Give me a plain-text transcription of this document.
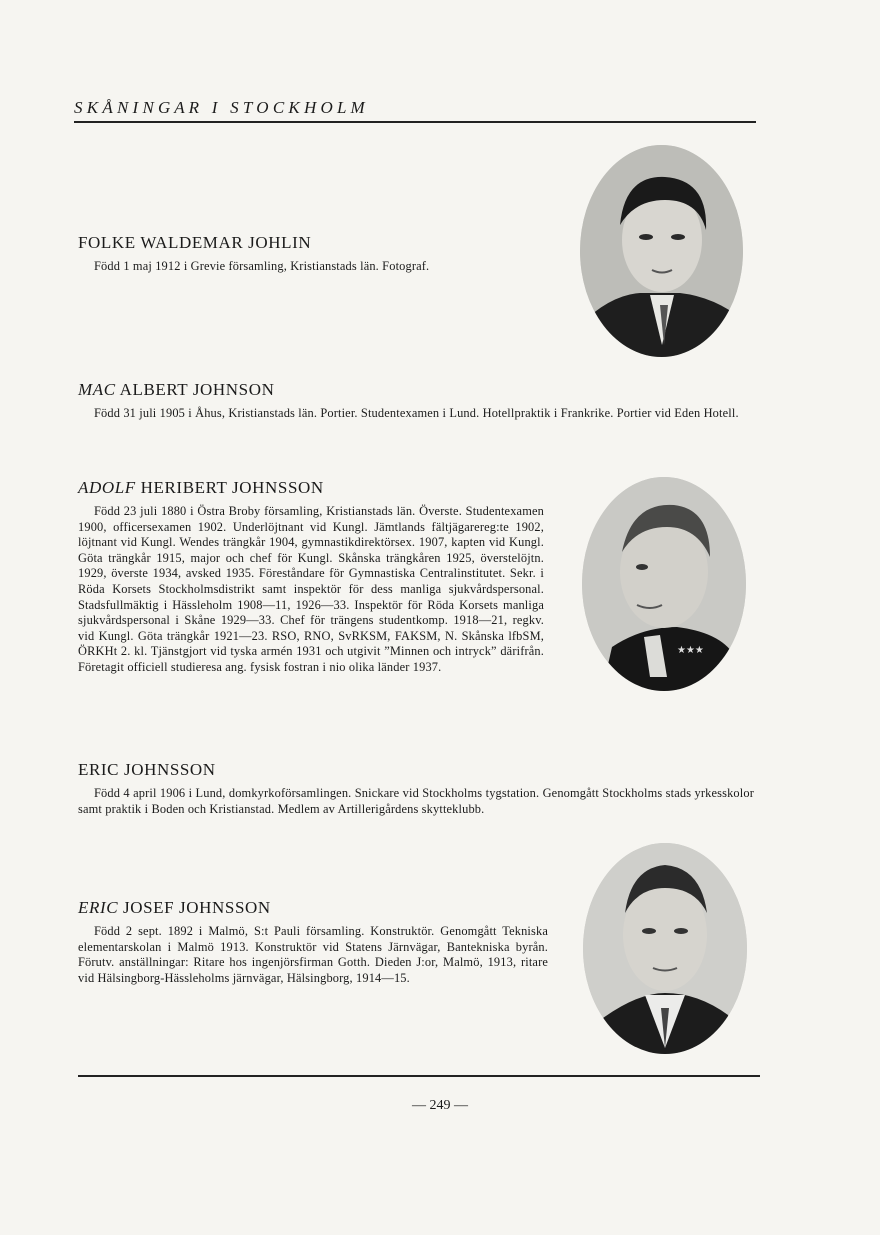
S K Å N I N G A R   I   S T O C K H O L M
FOLKE WALDEMAR JOHLIN

Född 1 maj 1912 i Grevie församling, Kristianstads län. Fotograf.

MAC ALBERT JOHNSON

Född 31 juli 1905 i Åhus, Kristianstads län. Portier. Studentexamen i Lund. Hotellpraktik i Frankrike. Portier vid Eden Hotell.

ADOLF HERIBERT JOHNSSON

Född 23 juli 1880 i Östra Broby församling, Kristianstads län. Överste. Studentexamen 1900, officersexamen 1902. Underlöjtnant vid Kungl. Jämtlands fältjägarereg:te 1902, löjtnant vid Kungl. Wendes trängkår 1904, gymnastikdirektörsex. 1907, kapten vid Kungl. Göta trängkår 1915, major och chef för Kungl. Skånska trängkåren 1925, överstelöjtn. 1929, överste 1934, avsked 1935. Föreståndare för Gymnastiska Centralinstitutet. Sekr. i Röda Korsets Stockholmsdistrikt samt inspektör för dess manliga sjukvårdspersonal. Stadsfullmäktig i Hässleholm 1908—11, 1926—33. Inspektör för Röda Korsets manliga sjukvårdspersonal i Skåne 1929—33. Chef för trängens studentkomp. 1918—21, regkv. vid Kungl. Göta trängkår 1921—23. RSO, RNO, SvRKSM, FAKSM, N. Skånska lfbSM, ÖRKHt 2. kl. Tjänstgjort vid tyska armén 1931 och utgivit ”Minnen och intryck” därifrån. Företagit officiell studieresa ang. fysisk fostran i nio olika länder 1937.

★★★
ERIC JOHNSSON

Född 4 april 1906 i Lund, domkyrkoförsamlingen. Snickare vid Stockholms tygstation. Genomgått Stockholms stads yrkesskolor samt praktik i Boden och Kristianstad. Medlem av Artillerigårdens skytteklubb.

ERIC JOSEF JOHNSSON

Född 2 sept. 1892 i Malmö, S:t Pauli församling. Konstruktör. Genomgått Tekniska elementarskolan i Malmö 1913. Konstruktör vid Statens Järnvägar, Bantekniska byrån. Förutv. anställningar: Ritare hos ingenjörsfirman Gotth. Dieden J:or, Malmö, 1913, ritare vid Hälsingborg-Hässleholms järnvägar, Hälsingborg, 1914—15.

— 249 —
